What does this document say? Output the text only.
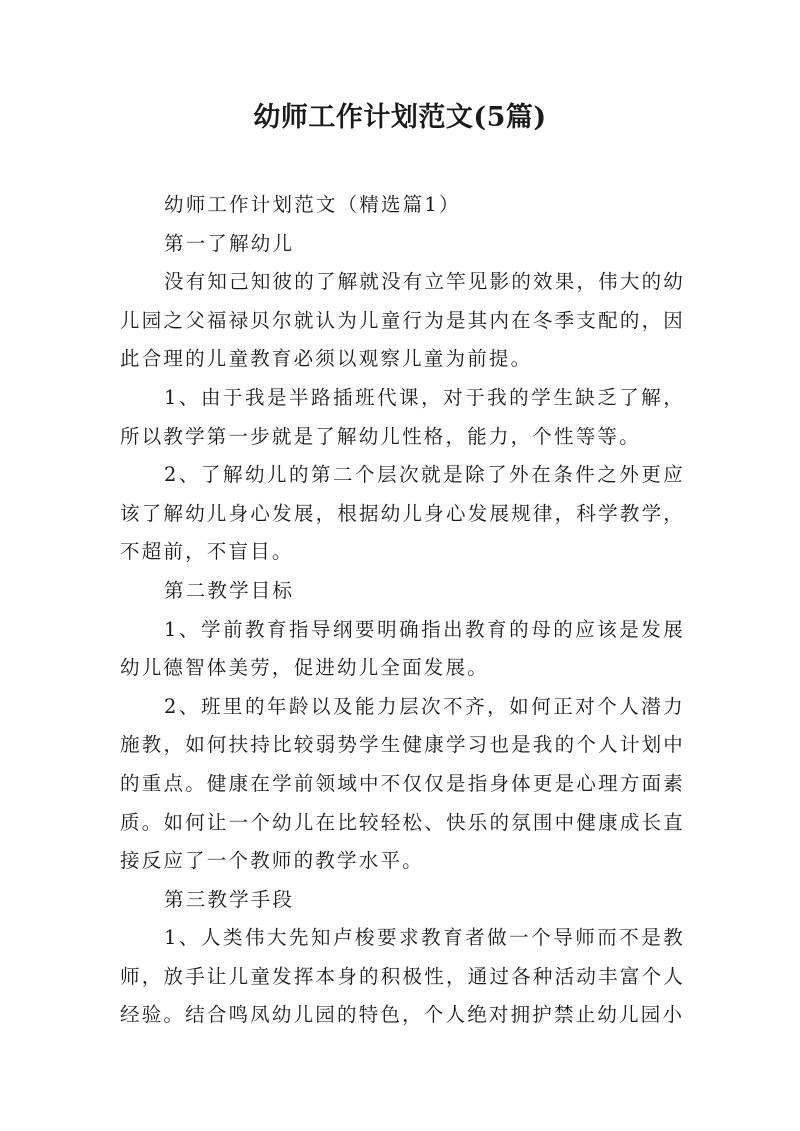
幼师工作计划范文(5篇)

幼师工作计划范文（精选篇1）

第一了解幼儿

没有知己知彼的了解就没有立竿见影的效果，伟大的幼儿园之父福禄贝尔就认为儿童行为是其内在冬季支配的，因此合理的儿童教育必须以观察儿童为前提。

1、由于我是半路插班代课，对于我的学生缺乏了解，所以教学第一步就是了解幼儿性格，能力，个性等等。

2、了解幼儿的第二个层次就是除了外在条件之外更应该了解幼儿身心发展，根据幼儿身心发展规律，科学教学，不超前，不盲目。

第二教学目标

1、学前教育指导纲要明确指出教育的母的应该是发展幼儿德智体美劳，促进幼儿全面发展。

2、班里的年龄以及能力层次不齐，如何正对个人潜力施教，如何扶持比较弱势学生健康学习也是我的个人计划中的重点。健康在学前领域中不仅仅是指身体更是心理方面素质。如何让一个幼儿在比较轻松、快乐的氛围中健康成长直接反应了一个教师的教学水平。

第三教学手段

1、人类伟大先知卢梭要求教育者做一个导师而不是教师，放手让儿童发挥本身的积极性，通过各种活动丰富个人经验。结合鸣凤幼儿园的特色，个人绝对拥护禁止幼儿园小
